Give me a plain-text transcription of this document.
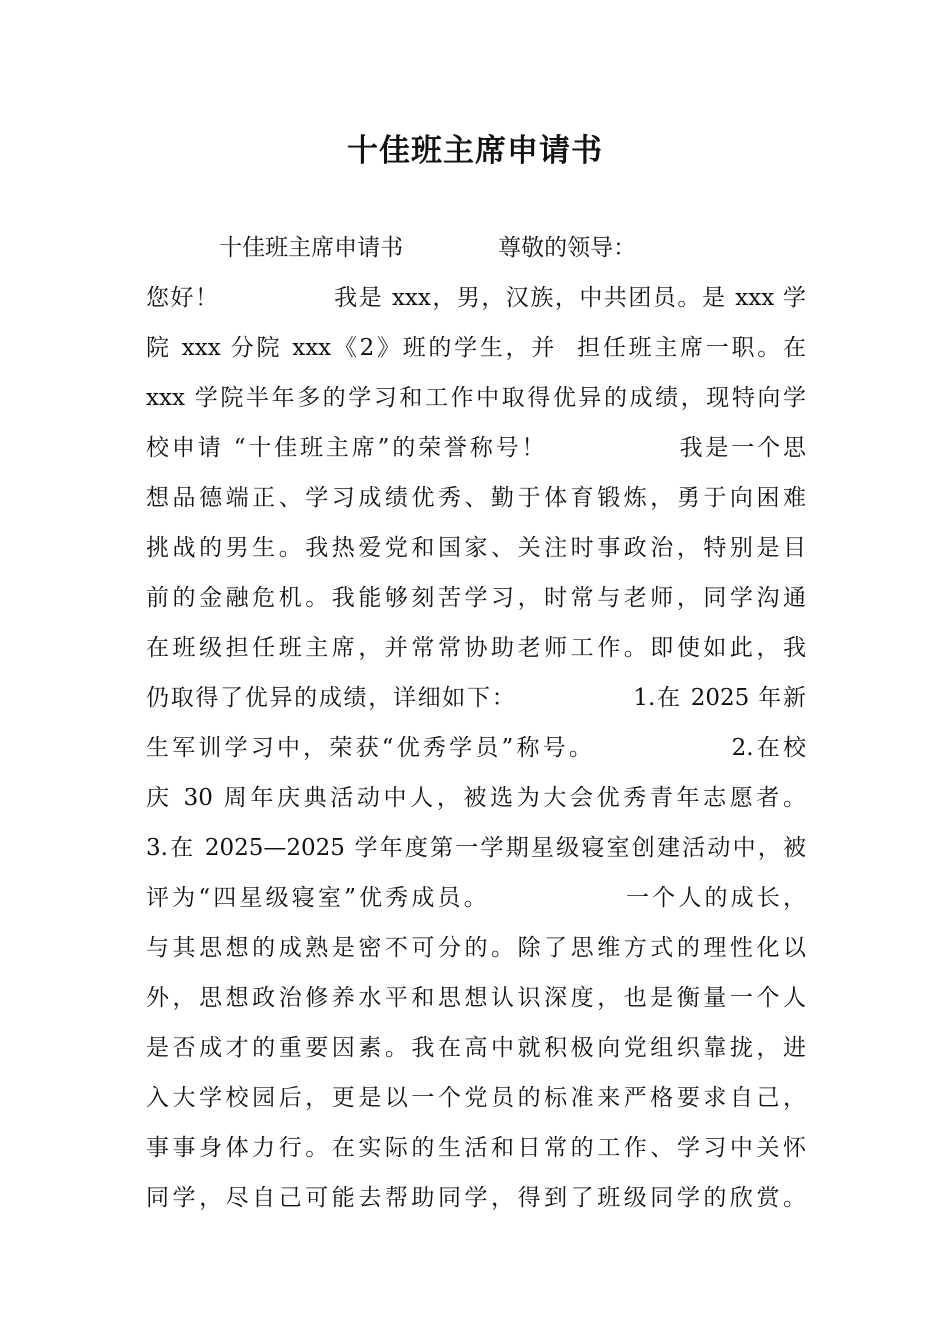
十佳班主席申请书
十佳班主席申请书             尊敬的领导：
您好！             我是 xxx，男，汉族，中共团员。是 xxx 学
院 xxx 分院 xxx《2》班的学生，并  担任班主席一职。在
xxx 学院半年多的学习和工作中取得优异的成绩，现特向学
校申请 “十佳班主席”的荣誉称号！             我是一个思
想品德端正、学习成绩优秀、勤于体育锻炼，勇于向困难
挑战的男生。我热爱党和国家、关注时事政治，特别是目
前的金融危机。我能够刻苦学习，时常与老师，同学沟通
在班级担任班主席，并常常协助老师工作。即使如此，我
仍取得了优异的成绩，详细如下：             1.在 2025 年新
生军训学习中，荣获“优秀学员”称号。             2.在校
庆 30 周年庆典活动中人，被选为大会优秀青年志愿者。
3.在 2025—2025 学年度第一学期星级寝室创建活动中，被
评为“四星级寝室”优秀成员。             一个人的成长，
与其思想的成熟是密不可分的。除了思维方式的理性化以
外，思想政治修养水平和思想认识深度，也是衡量一个人
是否成才的重要因素。我在高中就积极向党组织靠拢，进
入大学校园后，更是以一个党员的标准来严格要求自己，
事事身体力行。在实际的生活和日常的工作、学习中关怀
同学，尽自己可能去帮助同学，得到了班级同学的欣赏。
